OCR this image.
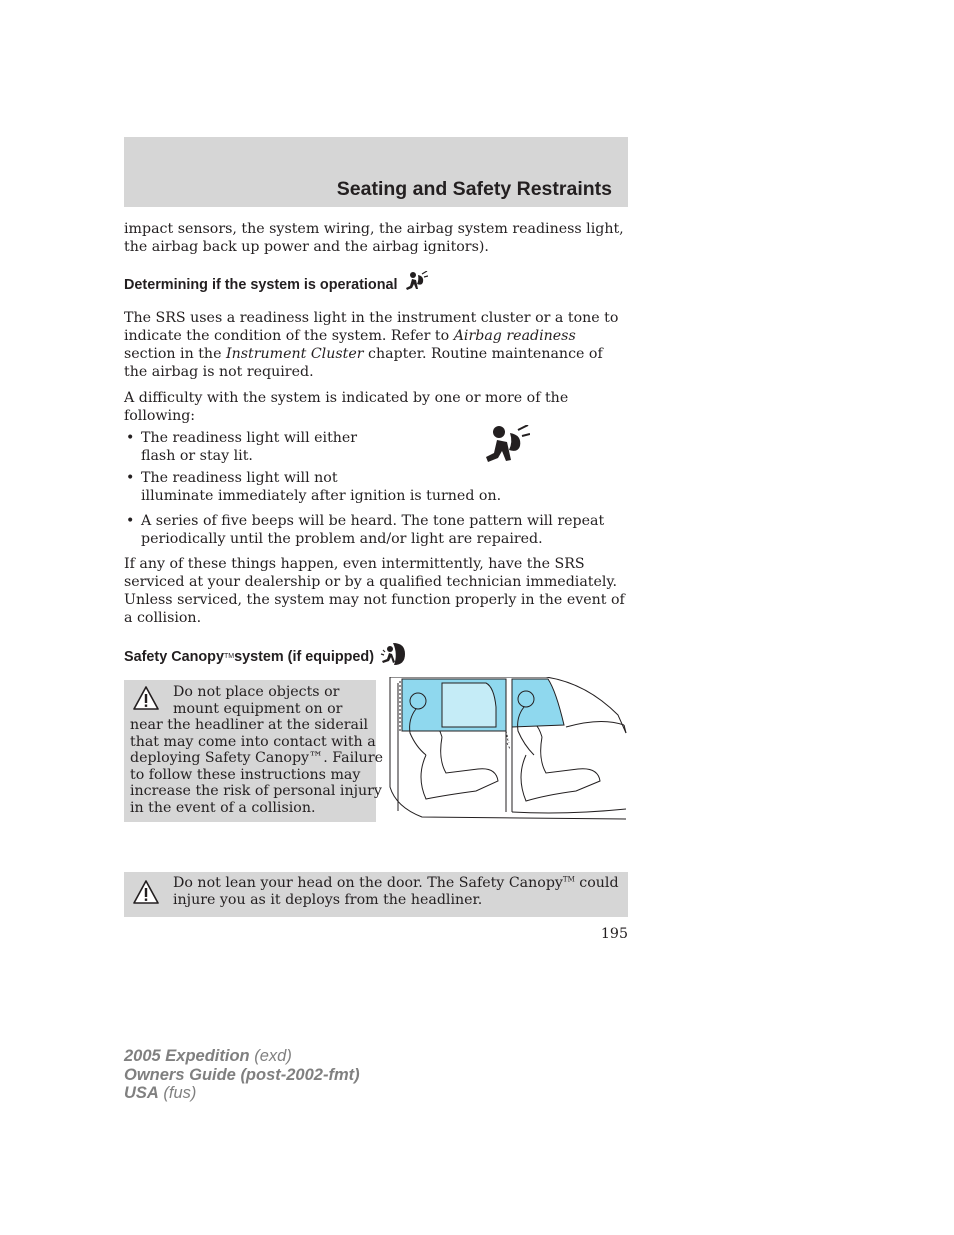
Seating and Safety Restraints

impact sensors, the system wiring, the airbag system readiness light, the airbag back up power and the airbag ignitors).

Determining if the system is operational

The SRS uses a readiness light in the instrument cluster or a tone to indicate the condition of the system. Refer to Airbag readiness section in the Instrument Cluster chapter. Routine maintenance of the airbag is not required.

A difficulty with the system is indicated by one or more of the following:

• The readiness light will either
flash or stay lit.
• The readiness light will not
illuminate immediately after ignition is turned on.
• A series of five beeps will be heard. The tone pattern will repeat
periodically until the problem and/or light are repaired.

If any of these things happen, even intermittently, have the SRS serviced at your dealership or by a qualified technician immediately. Unless serviced, the system may not function properly in the event of a collision.

Safety Canopy TM system (if equipped)

Do not place objects or

mount equipment on or

near the headliner at the siderail

that may come into contact with a

deploying Safety Canopy™. Failure

to follow these instructions may

increase the risk of personal injury

in the event of a collision.

Do not lean your head on the door. The Safety Canopy™ could
injure you as it deploys from the headliner.

195
2005 Expedition (exd)
Owners Guide (post-2002-fmt)
USA (fus)
